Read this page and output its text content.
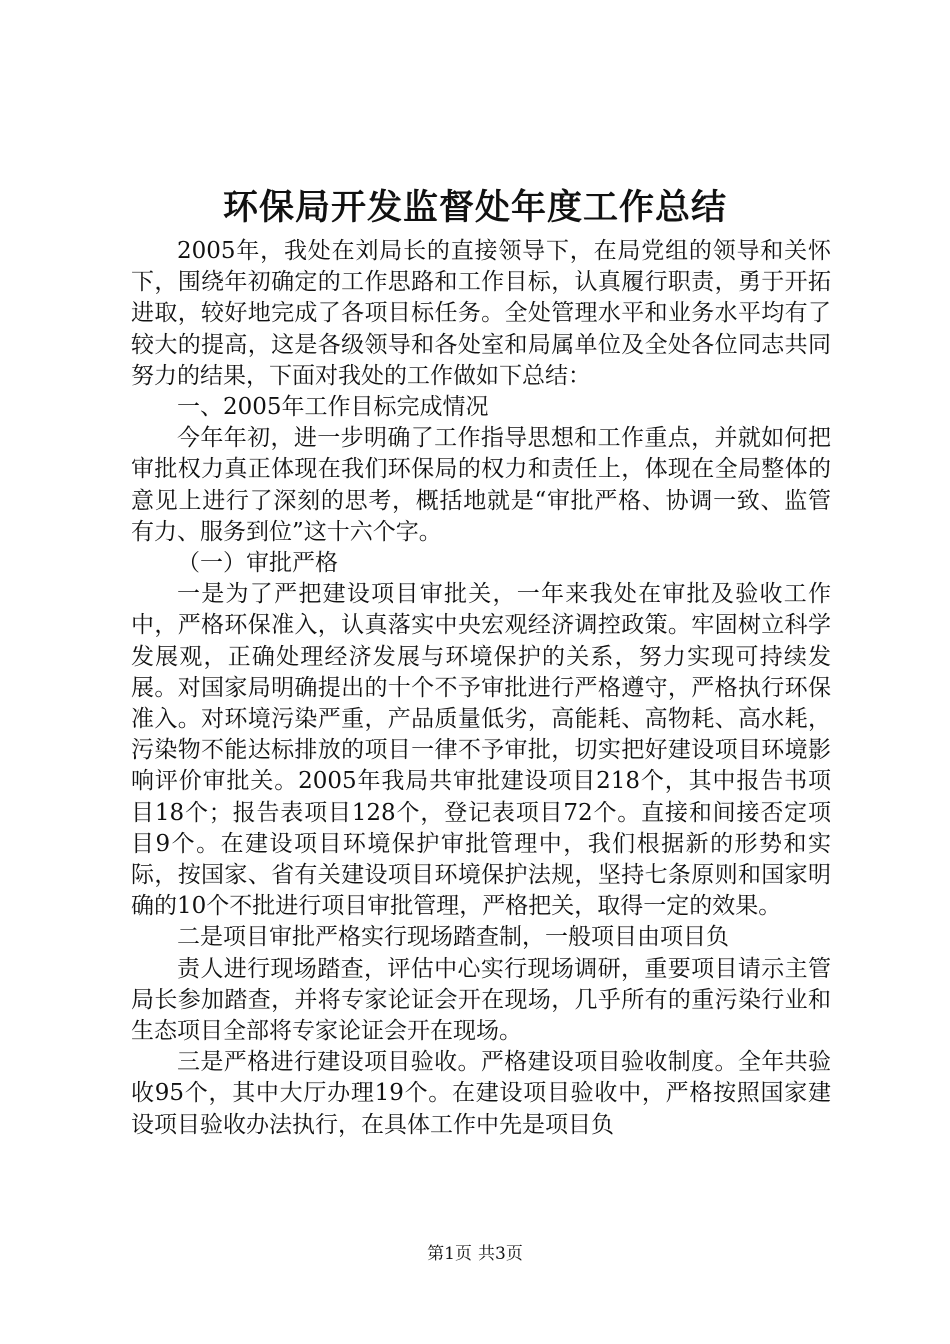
环保局开发监督处年度工作总结

2005年，我处在刘局长的直接领导下，在局党组的领导和关怀下，围绕年初确定的工作思路和工作目标，认真履行职责，勇于开拓进取，较好地完成了各项目标任务。全处管理水平和业务水平均有了较大的提高，这是各级领导和各处室和局属单位及全处各位同志共同努力的结果，下面对我处的工作做如下总结：

一、2005年工作目标完成情况

今年年初，进一步明确了工作指导思想和工作重点，并就如何把审批权力真正体现在我们环保局的权力和责任上，体现在全局整体的意见上进行了深刻的思考，概括地就是“审批严格、协调一致、监管有力、服务到位”这十六个字。

（一）审批严格

一是为了严把建设项目审批关，一年来我处在审批及验收工作中，严格环保准入，认真落实中央宏观经济调控政策。牢固树立科学发展观，正确处理经济发展与环境保护的关系，努力实现可持续发展。对国家局明确提出的十个不予审批进行严格遵守，严格执行环保准入。对环境污染严重，产品质量低劣，高能耗、高物耗、高水耗，污染物不能达标排放的项目一律不予审批，切实把好建设项目环境影响评价审批关。2005年我局共审批建设项目218个，其中报告书项目18个；报告表项目128个，登记表项目72个。直接和间接否定项目9个。在建设项目环境保护审批管理中，我们根据新的形势和实际，按国家、省有关建设项目环境保护法规，坚持七条原则和国家明确的10个不批进行项目审批管理，严格把关，取得一定的效果。

二是项目审批严格实行现场踏查制，一般项目由项目负

责人进行现场踏查，评估中心实行现场调研，重要项目请示主管局长参加踏查，并将专家论证会开在现场，几乎所有的重污染行业和生态项目全部将专家论证会开在现场。

三是严格进行建设项目验收。严格建设项目验收制度。全年共验收95个，其中大厅办理19个。在建设项目验收中，严格按照国家建设项目验收办法执行，在具体工作中先是项目负

第1页 共3页
